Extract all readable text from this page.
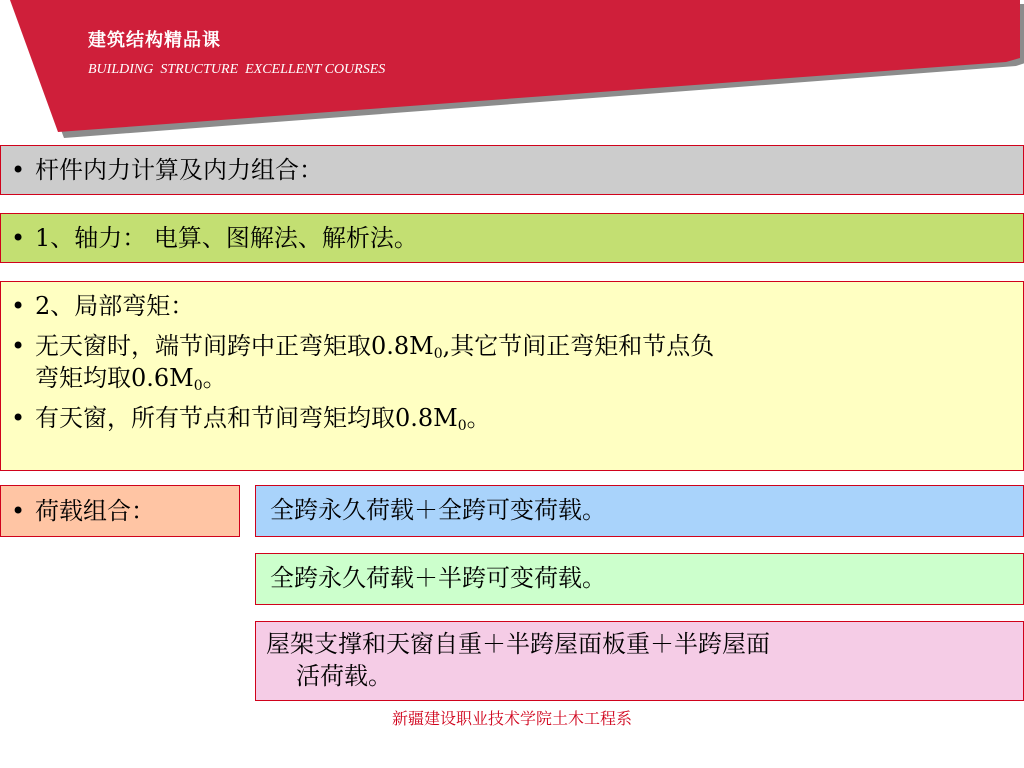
建筑结构精品课
BUILDING  STRUCTURE  EXCELLENT COURSES
• 杆件内力计算及内力组合：
• 1、轴力： 电算、图解法、解析法。
• 2、局部弯矩：
• 无天窗时，端节间跨中正弯矩取$0.8M_0$,其它节间正弯矩和节点负
弯矩均取$0.6M_0$。
• 有天窗，所有节点和节间弯矩均取$0.8M_0$。
• 荷载组合：	全跨永久荷载＋全跨可变荷载。
全跨永久荷载＋半跨可变荷载。
屋架支撑和天窗自重＋半跨屋面板重＋半跨屋面
活荷载。
新疆建设职业技术学院土木工程系
